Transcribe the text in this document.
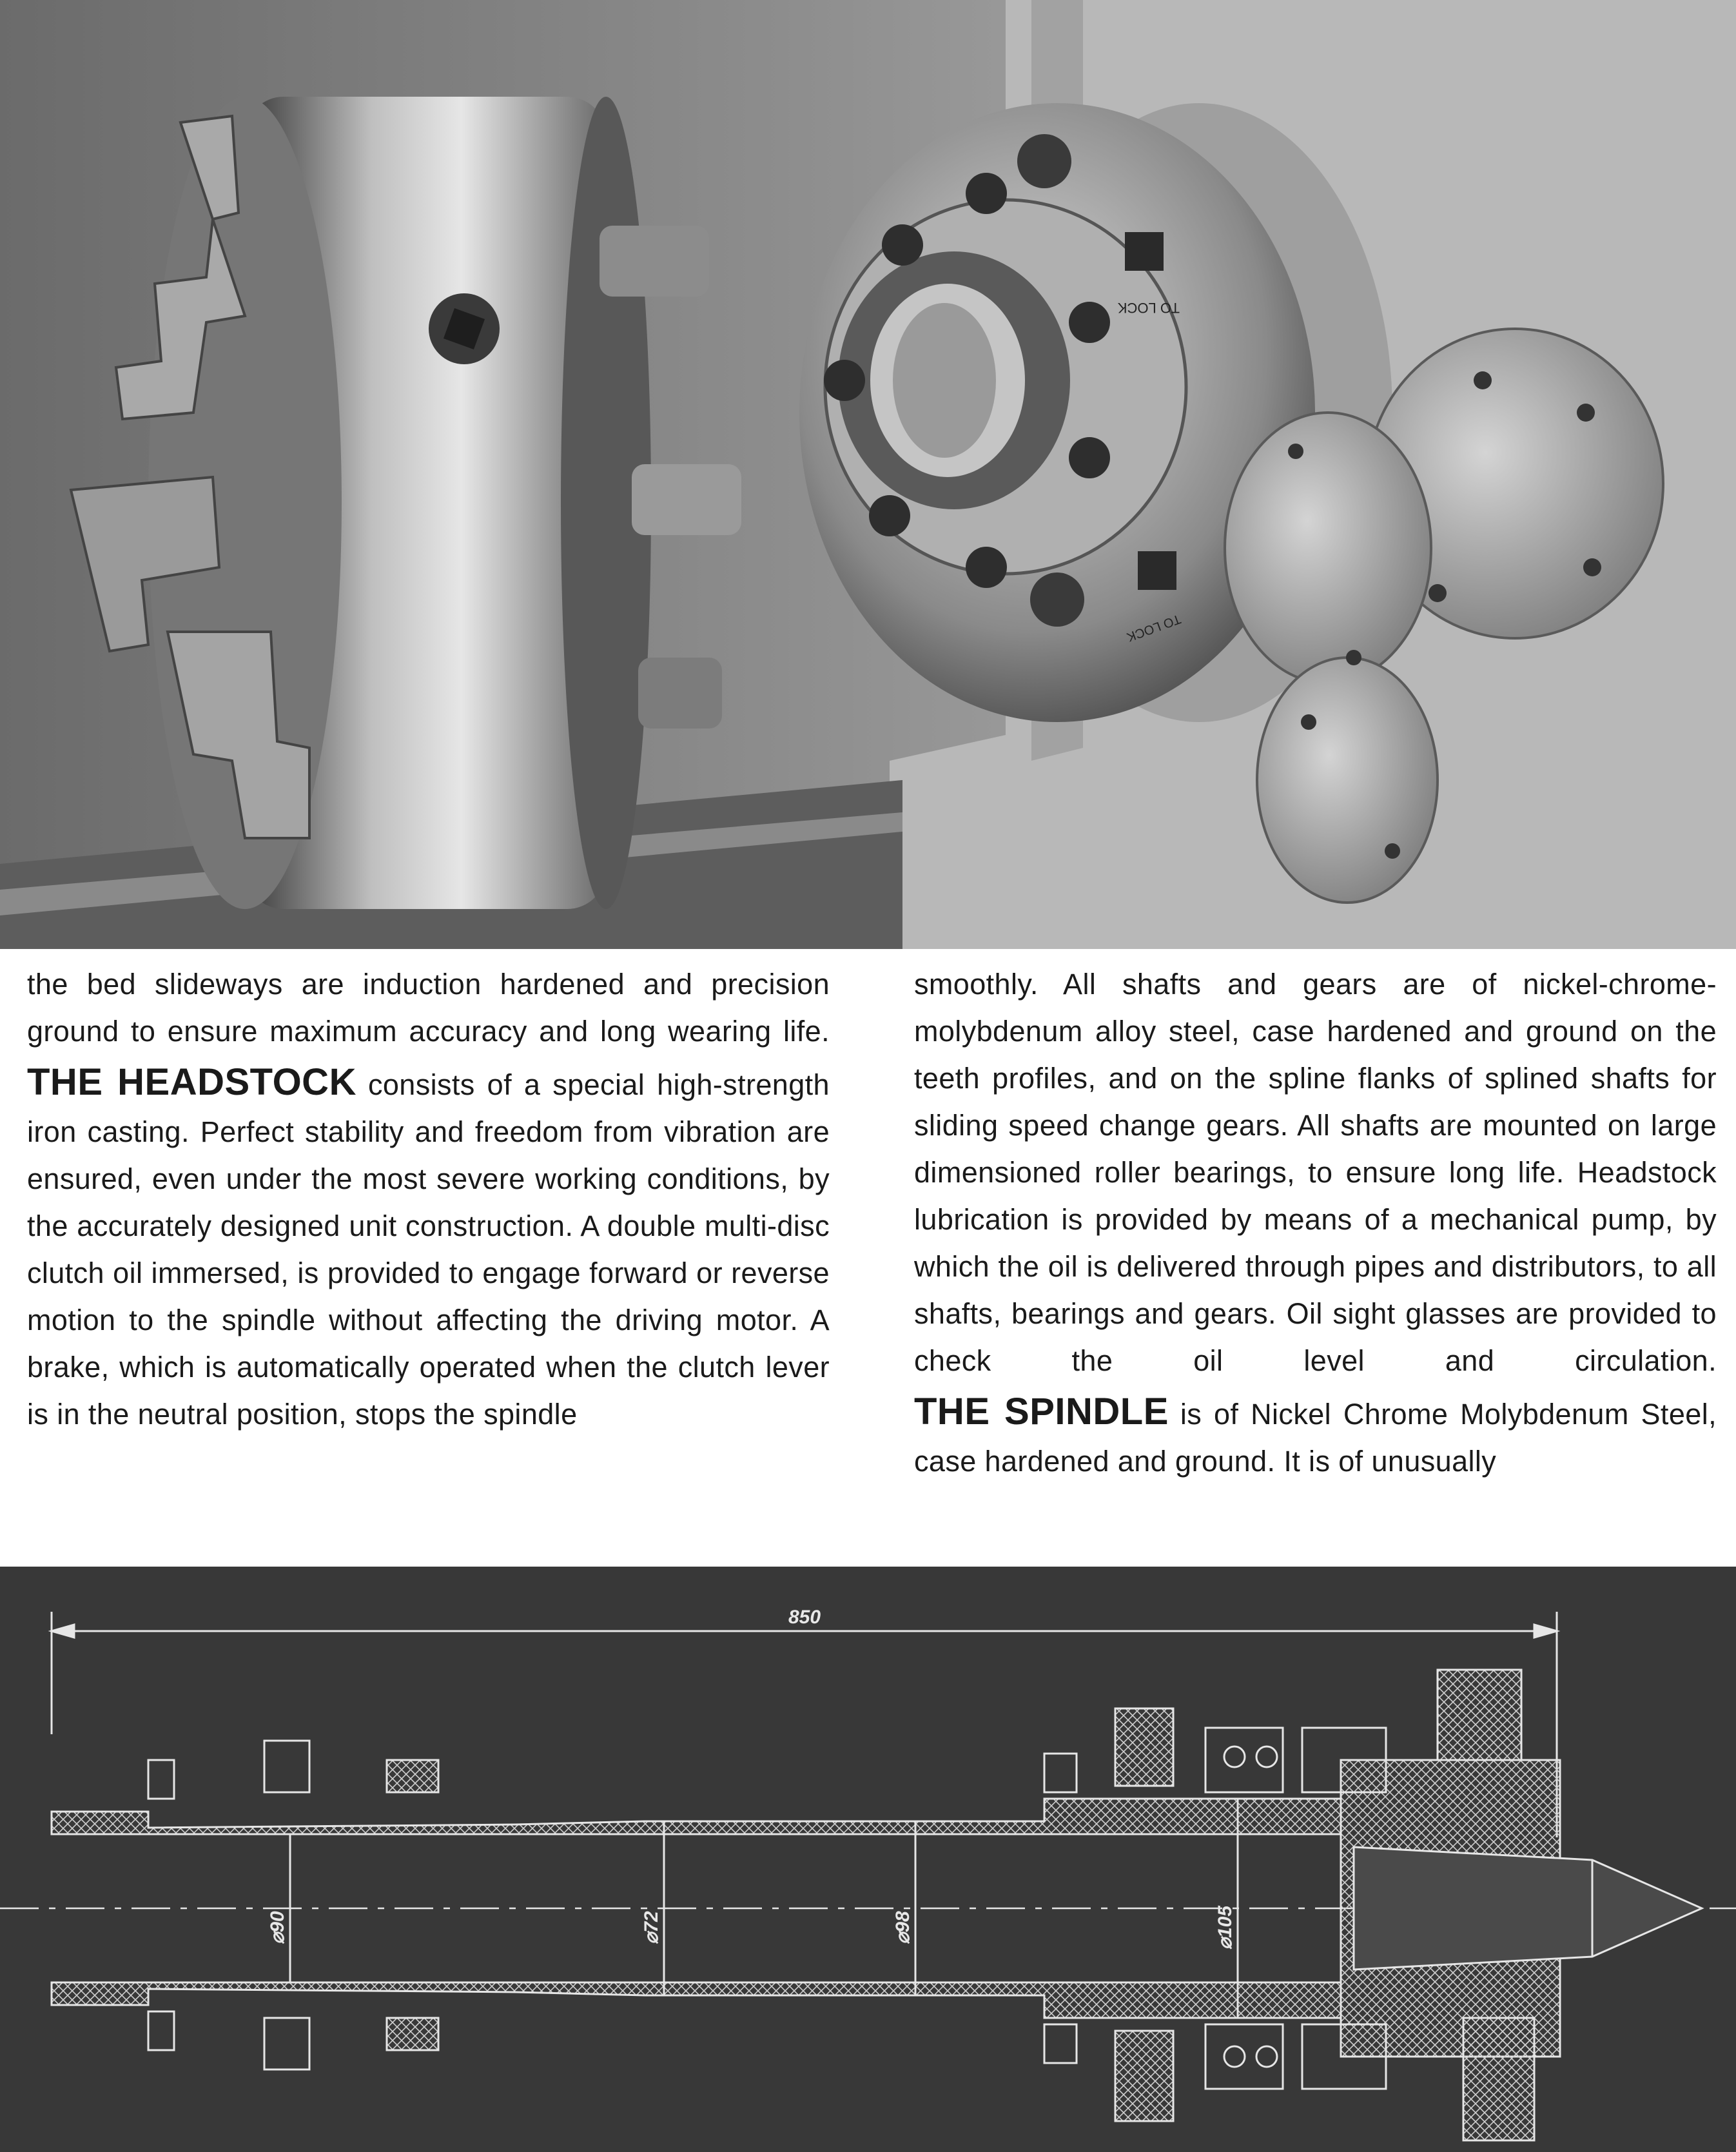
TO LOCK
TO LOCK

the bed slideways are induction hardened and precision ground to ensure maximum accuracy and long wearing life.

THE HEADSTOCK consists of a special high-strength iron casting. Perfect stability and freedom from vibration are ensured, even under the most severe working conditions, by the accurately designed unit construction. A double multi-disc clutch oil immersed, is provided to engage forward or reverse motion to the spindle without affecting the driving motor. A brake, which is automatically operated when the clutch lever is in the neutral position, stops the spindle

smoothly. All shafts and gears are of nickel-chrome-molybdenum alloy steel, case hardened and ground on the teeth profiles, and on the spline flanks of splined shafts for sliding speed change gears. All shafts are mounted on large dimensioned roller bearings, to ensure long life. Headstock lubrication is provided by means of a mechanical pump, by which the oil is delivered through pipes and distributors, to all shafts, bearings and gears. Oil sight glasses are provided to check the oil level and circulation.

THE SPINDLE is of Nickel Chrome Molybdenum Steel, case hardened and ground. It is of unusually

850
⌀90	⌀72	⌀98	⌀105
